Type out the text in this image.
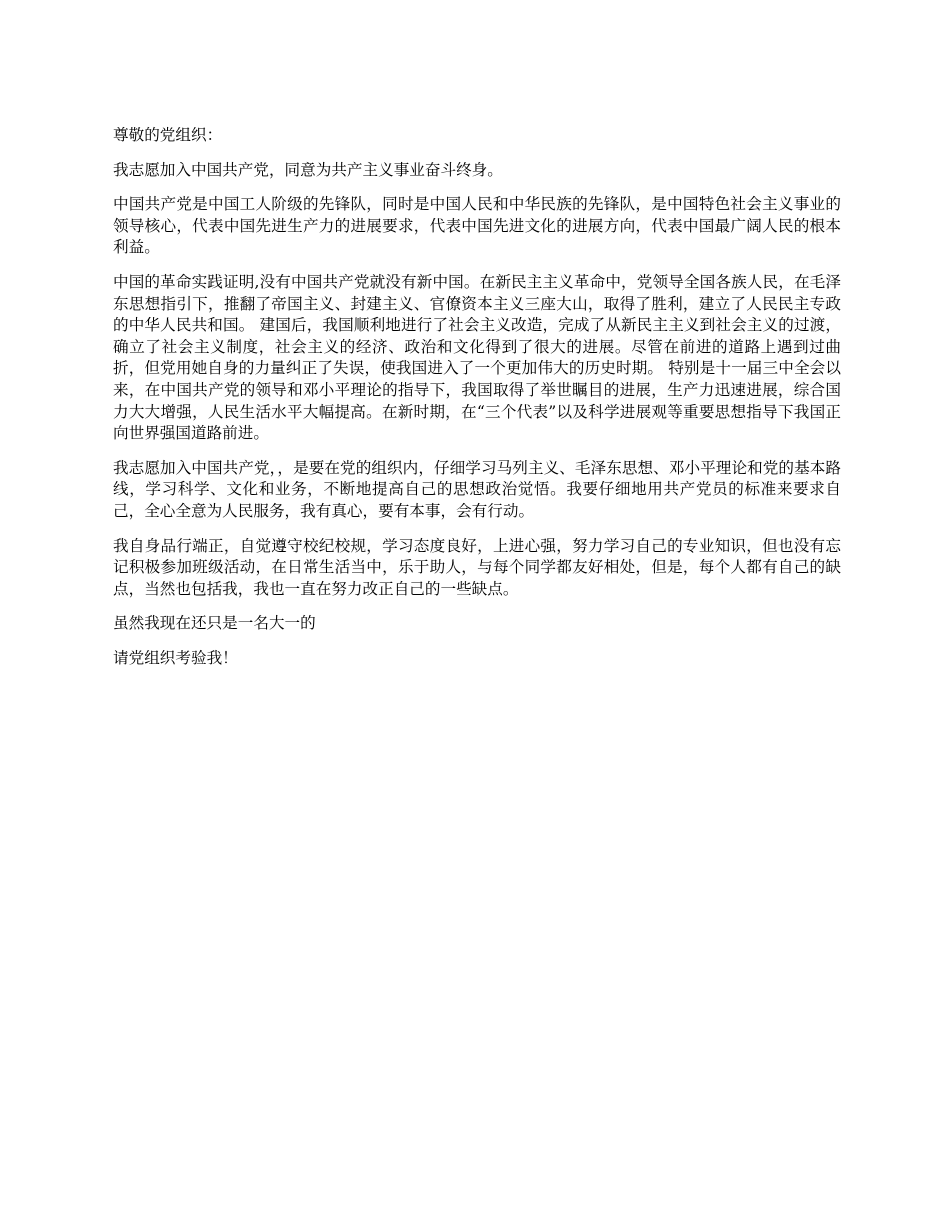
尊敬的党组织：

我志愿加入中国共产党，同意为共产主义事业奋斗终身。

中国共产党是中国工人阶级的先锋队，同时是中国人民和中华民族的先锋队，是中国特色社会主义事业的领导核心，代表中国先进生产力的进展要求，代表中国先进文化的进展方向，代表中国最广阔人民的根本利益。

中国的革命实践证明,没有中国共产党就没有新中国。在新民主主义革命中，党领导全国各族人民，在毛泽东思想指引下，推翻了帝国主义、封建主义、官僚资本主义三座大山，取得了胜利，建立了人民民主专政的中华人民共和国。 建国后，我国顺利地进行了社会主义改造，完成了从新民主主义到社会主义的过渡，确立了社会主义制度，社会主义的经济、政治和文化得到了很大的进展。尽管在前进的道路上遇到过曲折，但党用她自身的力量纠正了失误，使我国进入了一个更加伟大的历史时期。 特别是十一届三中全会以来，在中国共产党的领导和邓小平理论的指导下，我国取得了举世瞩目的进展，生产力迅速进展，综合国力大大增强，人民生活水平大幅提高。在新时期，在“三个代表”以及科学进展观等重要思想指导下我国正向世界强国道路前进。

我志愿加入中国共产党，，是要在党的组织内，仔细学习马列主义、毛泽东思想、邓小平理论和党的基本路线，学习科学、文化和业务，不断地提高自己的思想政治觉悟。我要仔细地用共产党员的标准来要求自己，全心全意为人民服务，我有真心，要有本事，会有行动。

我自身品行端正，自觉遵守校纪校规，学习态度良好，上进心强，努力学习自己的专业知识，但也没有忘记积极参加班级活动，在日常生活当中，乐于助人，与每个同学都友好相处，但是，每个人都有自己的缺点，当然也包括我，我也一直在努力改正自己的一些缺点。

虽然我现在还只是一名大一的

请党组织考验我！
